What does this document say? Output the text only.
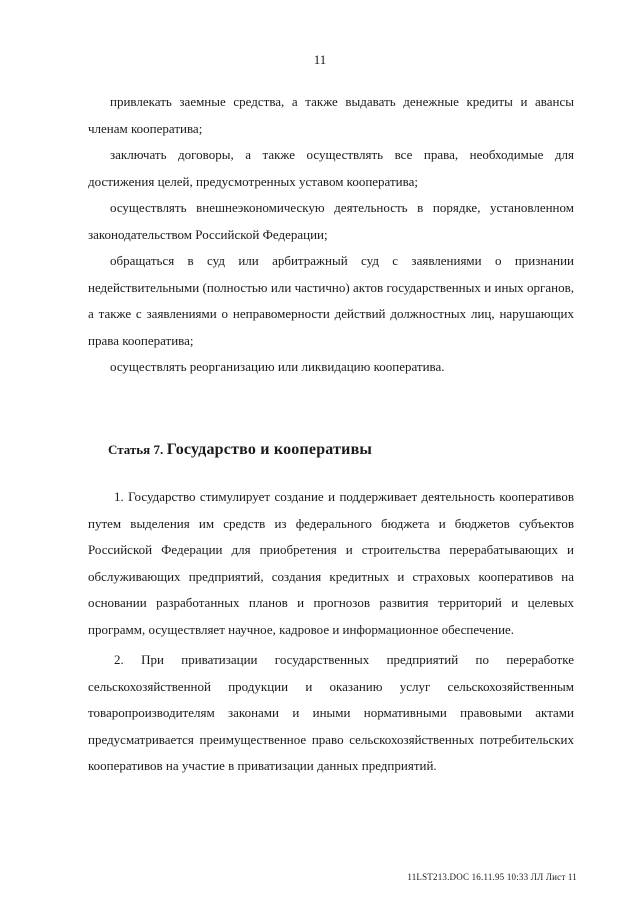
11

привлекать заемные средства, а также выдавать денежные кредиты и авансы членам кооператива;

заключать договоры, а также осуществлять все права, необходимые для достижения целей, предусмотренных уставом кооператива;

осуществлять внешнеэкономическую деятельность в порядке, установленном законодательством Российской Федерации;

обращаться в суд или арбитражный суд с заявлениями о признании недействительными (полностью или частично) актов государственных и иных органов, а также с заявлениями о неправомерности действий должностных лиц, нарушающих права кооператива;

осуществлять реорганизацию или ликвидацию кооператива.

Статья 7. Государство и кооперативы

1. Государство стимулирует создание и поддерживает деятельность кооперативов путем выделения им средств из федерального бюджета и бюджетов субъектов Российской Федерации для приобретения и строительства перерабатывающих и обслуживающих предприятий, создания кредитных и страховых кооперативов на основании разработанных планов и прогнозов развития территорий и целевых программ, осуществляет научное, кадровое и информационное обеспечение.

2. При приватизации государственных предприятий по переработке сельскохозяйственной продукции и оказанию услуг сельскохозяйственным товаропроизводителям законами и иными нормативными правовыми актами предусматривается преимущественное право сельскохозяйственных потребительских кооперативов на участие в приватизации данных предприятий.

11LST213.DOC 16.11.95 10:33 ЛЛ Лист 11
